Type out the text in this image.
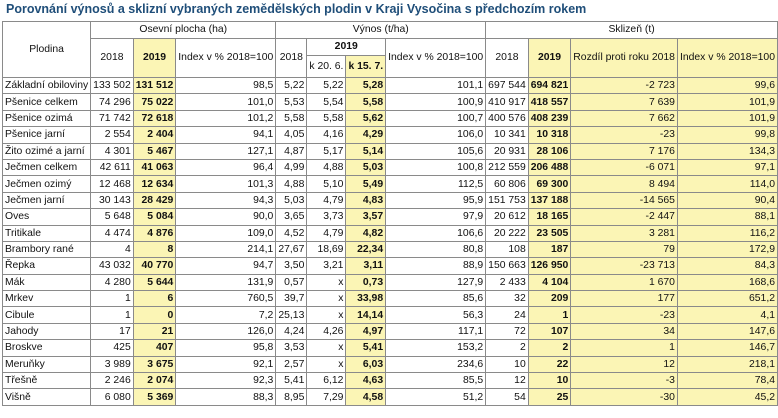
Porovnání výnosů a sklizní vybraných zemědělských plodin v Kraji Vysočina s předchozím rokem
Plodina	Osevní plocha (ha)			Výnos (t/ha)				Sklizeň (t)			
	2018	2019	Index v % 2018=100	2018	2019		Index v % 2018=100	2018	2019	Rozdíl proti roku 2018	Index v % 2018=100
					k 20. 6.	k 15. 7.					
Základní obiloviny	133 502	131 512	98,5	5,22	5,22	5,28	101,1	697 544	694 821	-2 723	99,6
Pšenice celkem	74 296	75 022	101,0	5,53	5,54	5,58	100,9	410 917	418 557	7 639	101,9
Pšenice ozimá	71 742	72 618	101,2	5,58	5,58	5,62	100,7	400 576	408 239	7 662	101,9
Pšenice jarní	2 554	2 404	94,1	4,05	4,16	4,29	106,0	10 341	10 318	-23	99,8
Žito ozimé a jarní	4 301	5 467	127,1	4,87	5,17	5,14	105,6	20 931	28 106	7 176	134,3
Ječmen celkem	42 611	41 063	96,4	4,99	4,88	5,03	100,8	212 559	206 488	-6 071	97,1
Ječmen ozimý	12 468	12 634	101,3	4,88	5,10	5,49	112,5	60 806	69 300	8 494	114,0
Ječmen jarní	30 143	28 429	94,3	5,03	4,79	4,83	95,9	151 753	137 188	-14 565	90,4
Oves	5 648	5 084	90,0	3,65	3,73	3,57	97,9	20 612	18 165	-2 447	88,1
Tritikale	4 474	4 876	109,0	4,52	4,79	4,82	106,6	20 222	23 505	3 281	116,2
Brambory rané	4	8	214,1	27,67	18,69	22,34	80,8	108	187	79	172,9
Řepka	43 032	40 770	94,7	3,50	3,21	3,11	88,9	150 663	126 950	-23 713	84,3
Mák	4 280	5 644	131,9	0,57	x	0,73	127,9	2 433	4 104	1 670	168,6
Mrkev	1	6	760,5	39,7	x	33,98	85,6	32	209	177	651,2
Cibule	1	0	7,2	25,13	x	14,14	56,3	24	1	-23	4,1
Jahody	17	21	126,0	4,24	4,26	4,97	117,1	72	107	34	147,6
Broskve	425	407	95,8	3,53	x	5,41	153,2	2	2	1	146,7
Meruňky	3 989	3 675	92,1	2,57	x	6,03	234,6	10	22	12	218,1
Třešně	2 246	2 074	92,3	5,41	6,12	4,63	85,5	12	10	-3	78,4
Višně	6 080	5 369	88,3	8,95	7,29	4,58	51,2	54	25	-30	45,2
